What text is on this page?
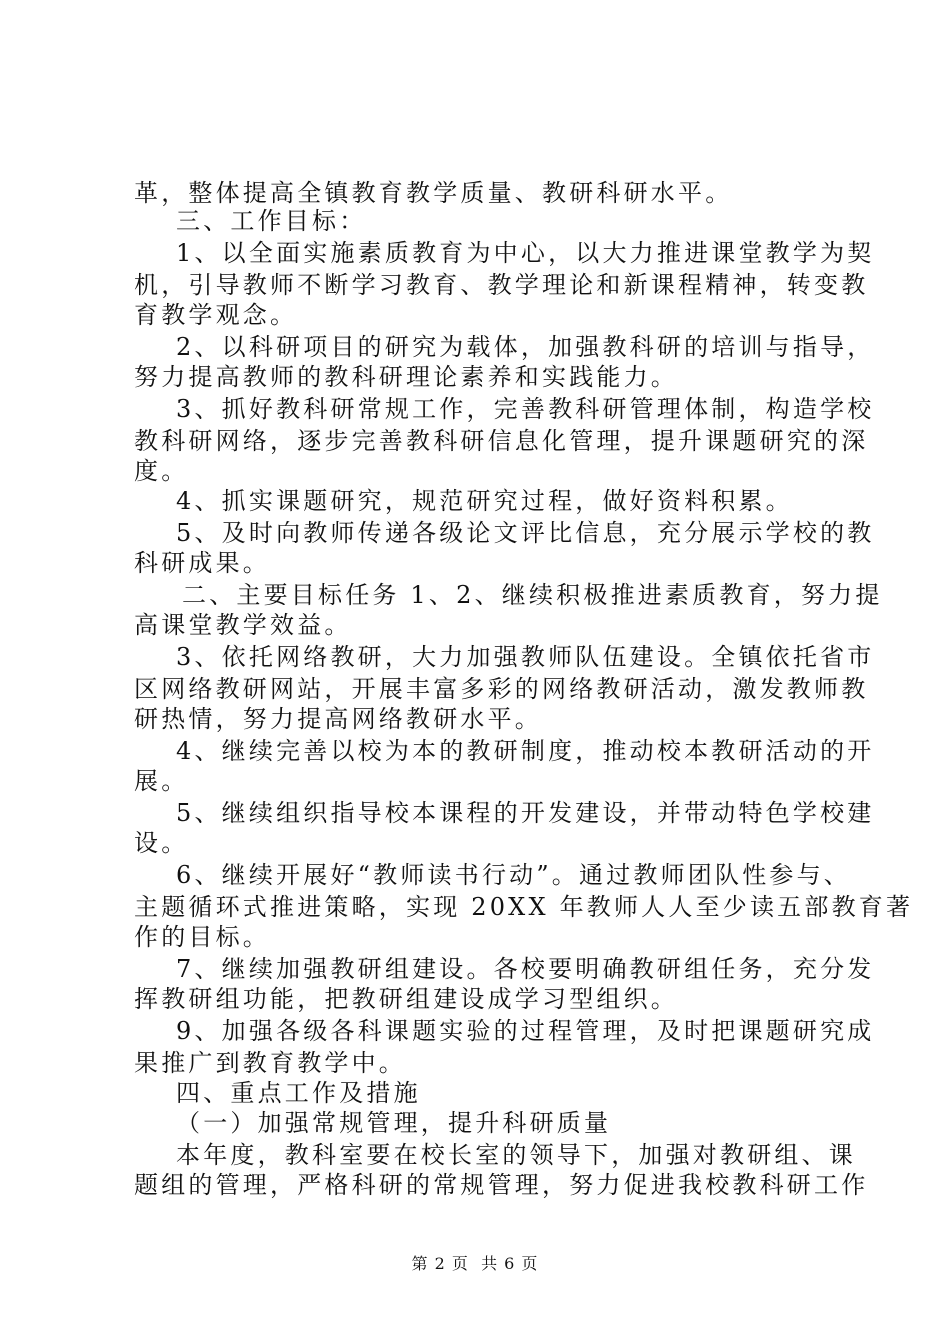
革，整体提高全镇教育教学质量、教研科研水平。
三、工作目标：
1、以全面实施素质教育为中心，以大力推进课堂教学为契
机，引导教师不断学习教育、教学理论和新课程精神，转变教
育教学观念。
2、以科研项目的研究为载体，加强教科研的培训与指导，
努力提高教师的教科研理论素养和实践能力。
3、抓好教科研常规工作，完善教科研管理体制，构造学校
教科研网络，逐步完善教科研信息化管理，提升课题研究的深
度。
4、抓实课题研究，规范研究过程，做好资料积累。
5、及时向教师传递各级论文评比信息，充分展示学校的教
科研成果。
二、主要目标任务 1、2、继续积极推进素质教育，努力提
高课堂教学效益。
3、依托网络教研，大力加强教师队伍建设。全镇依托省市
区网络教研网站，开展丰富多彩的网络教研活动，激发教师教
研热情，努力提高网络教研水平。
4、继续完善以校为本的教研制度，推动校本教研活动的开
展。
5、继续组织指导校本课程的开发建设，并带动特色学校建
设。
6、继续开展好“教师读书行动”。通过教师团队性参与、
主题循环式推进策略，实现 20XX 年教师人人至少读五部教育著
作的目标。
7、继续加强教研组建设。各校要明确教研组任务，充分发
挥教研组功能，把教研组建设成学习型组织。
9、加强各级各科课题实验的过程管理，及时把课题研究成
果推广到教育教学中。
四、重点工作及措施
（一）加强常规管理，提升科研质量
本年度，教科室要在校长室的领导下，加强对教研组、课
题组的管理，严格科研的常规管理，努力促进我校教科研工作
第 2 页  共 6 页
